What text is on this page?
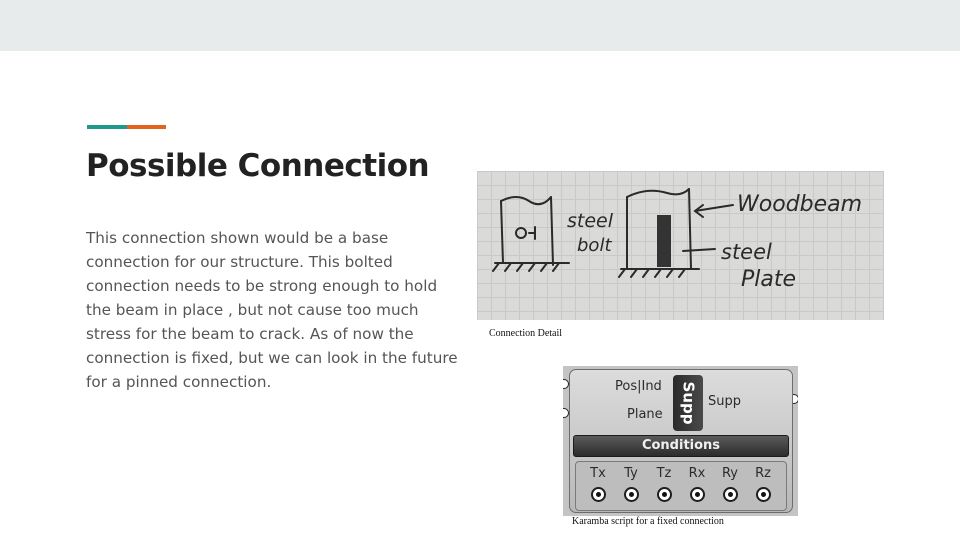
Possible Connection

This connection shown would be a base connection for our structure. This bolted connection needs to be strong enough to hold the beam in place , but not cause too much stress for the beam to crack. As of now the connection is fixed, but we can look in the future for a pinned connection.

steel
bolt
Woodbeam
steel
Plate
Connection Detail
Pos|Ind
Plane Supp Supp
Conditions
Tx	Ty	Tz	Rx	Ry	Rz
Karamba script for a fixed connection
